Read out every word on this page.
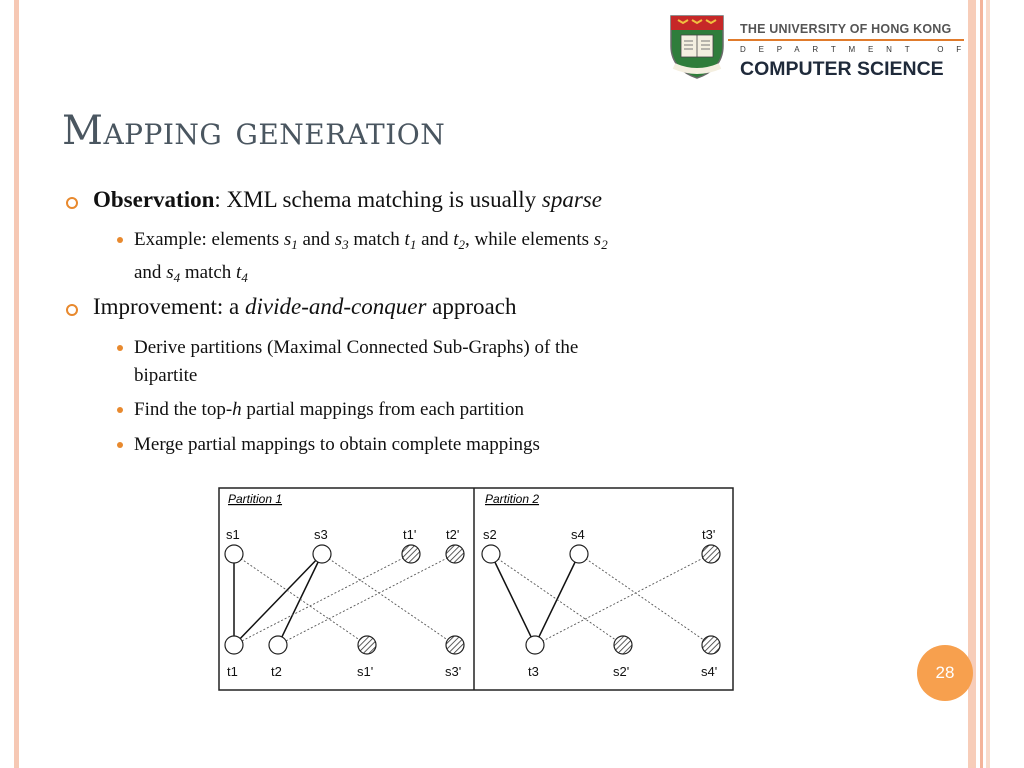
THE UNIVERSITY OF HONG KONG
DEPARTMENT OF
COMPUTER SCIENCE
Mapping generation
Observation: XML schema matching is usually sparse
Example: elements $s_1$ and $s_3$ match $t_1$ and $t_2$, while elements $s_2$
and $s_4$ match $t_4$
Improvement: a divide-and-conquer approach
Derive partitions (Maximal Connected Sub-Graphs) of the
bipartite
Find the top-h partial mappings from each partition
Merge partial mappings to obtain complete mappings
Partition 1	Partition 2
s1	s3	t1' t2'
t1	t2	s1'	s3'
s2	s4	t3'
t3	s2'	s4'	28
